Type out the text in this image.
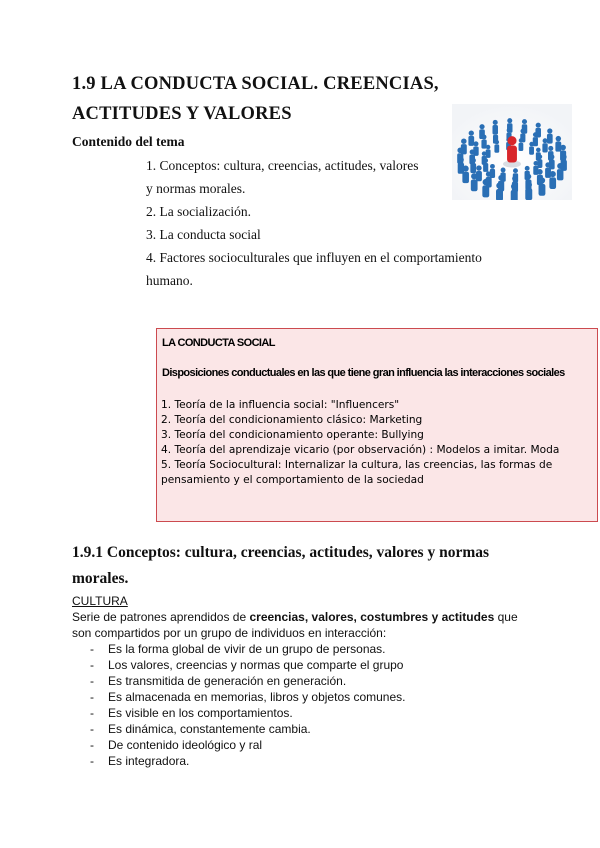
1.9 LA CONDUCTA SOCIAL. CREENCIAS,
ACTITUDES Y VALORES
Contenido del tema
1. Conceptos: cultura, creencias, actitudes, valores
y normas morales.
2. La socialización.
3. La conducta social
4. Factores socioculturales que influyen en el comportamiento
humano.
LA CONDUCTA SOCIAL
Disposiciones conductuales en las que tiene gran influencia las interacciones sociales
1. Teoría de la influencia social: "Influencers"
2. Teoría del condicionamiento clásico: Marketing
3. Teoría del condicionamiento operante: Bullying
4. Teoría del aprendizaje vicario (por observación) : Modelos a imitar. Moda
5. Teoría Sociocultural: Internalizar la cultura, las creencias, las formas de
pensamiento y el comportamiento de la sociedad
1.9.1 Conceptos: cultura, creencias, actitudes, valores y normas
morales.
CULTURA
Serie de patrones aprendidos de creencias, valores, costumbres y actitudes que
son compartidos por un grupo de individuos en interacción:
- Es la forma global de vivir de un grupo de personas.
- Los valores, creencias y normas que comparte el grupo
- Es transmitida de generación en generación.
- Es almacenada en memorias, libros y objetos comunes.
- Es visible en los comportamientos.
- Es dinámica, constantemente cambia.
- De contenido ideológico y ral
- Es integradora.
